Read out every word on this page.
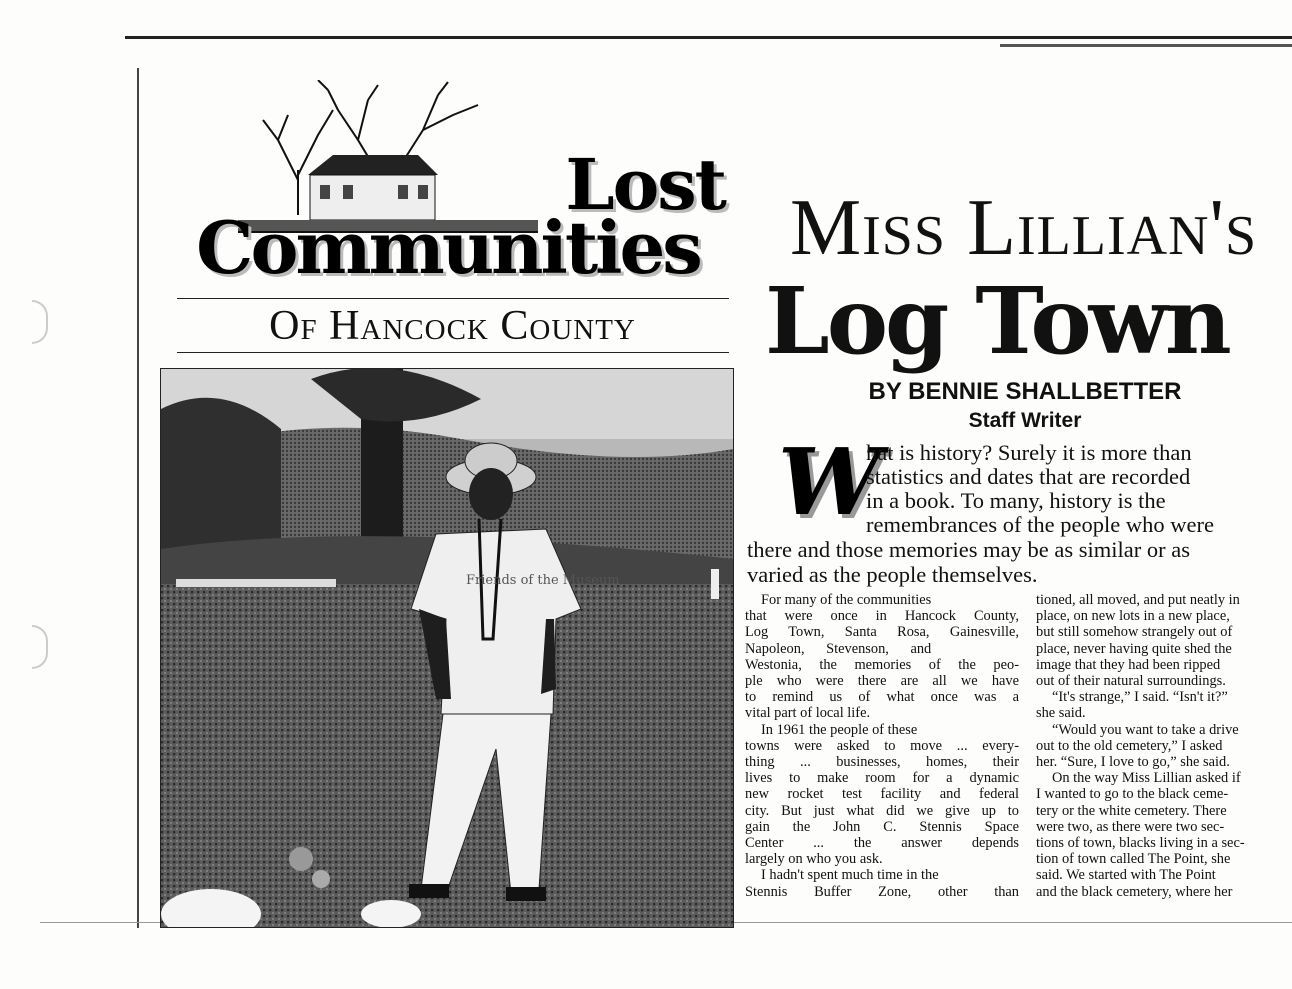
Lost
Communities
Of Hancock County
Friends of the Museum
Miss Lillian's
Log Town
BY BENNIE SHALLBETTER
Staff Writer
W
hat is history? Surely it is more than
statistics and dates that are recorded
in a book. To many, history is the
remembrances of the people who were
there and those memories may be as similar or as
varied as the people themselves.

For many of the communities

that were once in Hancock County,

Log Town, Santa Rosa, Gainesville,

Napoleon,      Stevenson,      and

Westonia, the memories of the peo-

ple who were there are all we have

to remind us of what once was a

vital part of local life.

In 1961 the people of these

towns were asked to move ... every-

thing ... businesses, homes, their

lives to make room for a dynamic

new rocket test facility and federal

city. But just what did we give up to

gain the John C. Stennis Space

Center ... the answer depends

largely on who you ask.

I hadn't spent much time in the

Stennis Buffer Zone, other than

tioned, all moved, and put neatly in

place, on new lots in a new place,

but still somehow strangely out of

place, never having quite shed the

image that they had been ripped

out of their natural surroundings.

“It's strange,” I said. “Isn't it?”

she said.

“Would you want to take a drive

out to the old cemetery,” I asked

her. “Sure, I love to go,” she said.

On the way Miss Lillian asked if

I wanted to go to the black ceme-

tery or the white cemetery. There

were two, as there were two sec-

tions of town, blacks living in a sec-

tion of town called The Point, she

said. We started with The Point

and the black cemetery, where her
